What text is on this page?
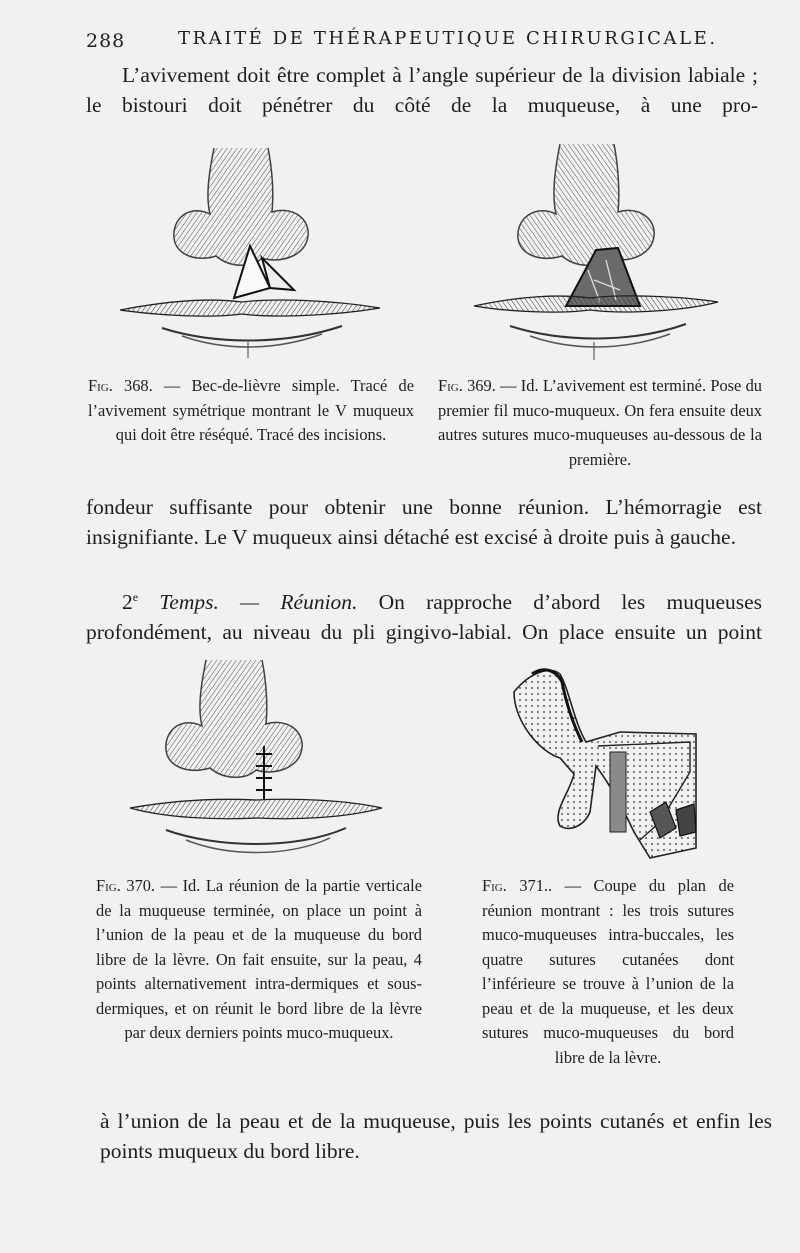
288	TRAITÉ DE THÉRAPEUTIQUE CHIRURGICALE.

L’avivement doit être complet à l’angle supérieur de la division labiale ; le bistouri doit pénétrer du côté de la muqueuse, à une pro-

Fig. 368. — Bec-de-lièvre simple. Tracé de l’avivement symétrique montrant le V muqueux qui doit être réséqué. Tracé des incisions.

Fig. 369. — Id. L’avivement est terminé. Pose du premier fil muco-muqueux. On fera ensuite deux autres sutures muco-muqueuses au-dessous de la première.

fondeur suffisante pour obtenir une bonne réunion. L’hémorragie est insignifiante. Le V muqueux ainsi détaché est excisé à droite puis à gauche.

2e Temps. — Réunion. On rapproche d’abord les muqueuses profondément, au niveau du pli gingivo-labial. On place ensuite un point

Fig. 370. — Id. La réunion de la partie verticale de la muqueuse terminée, on place un point à l’union de la peau et de la muqueuse du bord libre de la lèvre. On fait ensuite, sur la peau, 4 points alternativement intra-dermiques et sous-dermiques, et on réunit le bord libre de la lèvre par deux derniers points muco-muqueux.

Fig. 371.. — Coupe du plan de réunion montrant : les trois sutures muco-muqueuses intra-buccales, les quatre sutures cutanées dont l’inférieure se trouve à l’union de la peau et de la muqueuse, et les deux sutures muco-muqueuses du bord libre de la lèvre.

à l’union de la peau et de la muqueuse, puis les points cutanés et enfin les points muqueux du bord libre.
